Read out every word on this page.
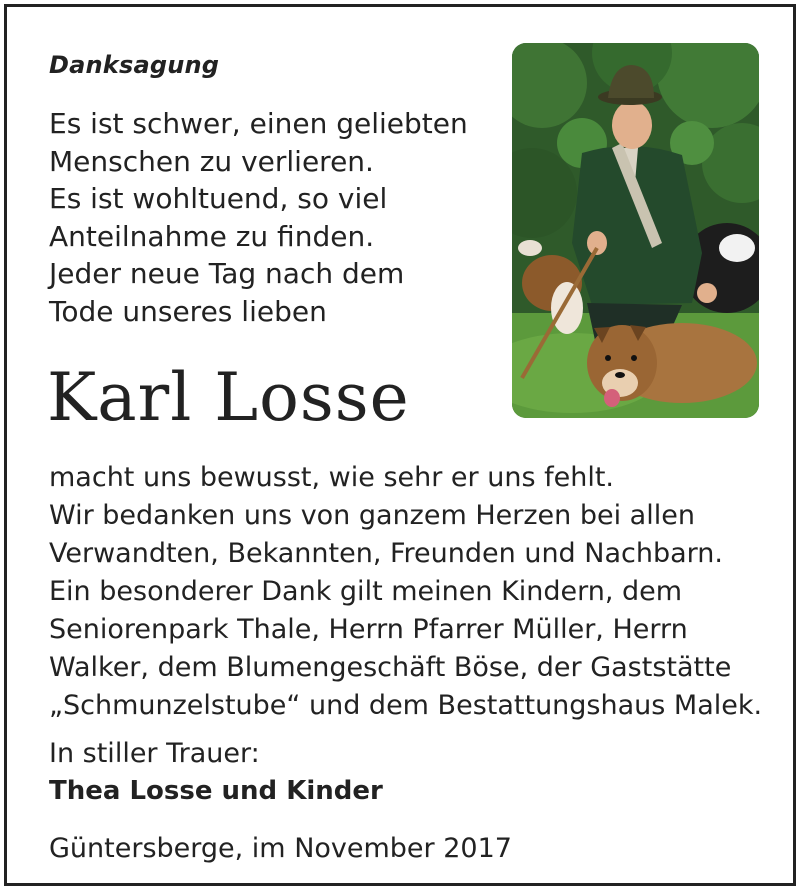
Danksagung
Es ist schwer, einen geliebten
Menschen zu verlieren.
Es ist wohltuend, so viel
Anteilnahme zu finden.
Jeder neue Tag nach dem
Tode unseres lieben
Karl Losse
macht uns bewusst, wie sehr er uns fehlt.
Wir bedanken uns von ganzem Herzen bei allen
Verwandten, Bekannten, Freunden und Nachbarn.
Ein besonderer Dank gilt meinen Kindern, dem
Seniorenpark Thale, Herrn Pfarrer Müller, Herrn
Walker, dem Blumengeschäft Böse, der Gaststätte
„Schmunzelstube“ und dem Bestattungshaus Malek.
In stiller Trauer:
Thea Losse und Kinder
Güntersberge, im November 2017
